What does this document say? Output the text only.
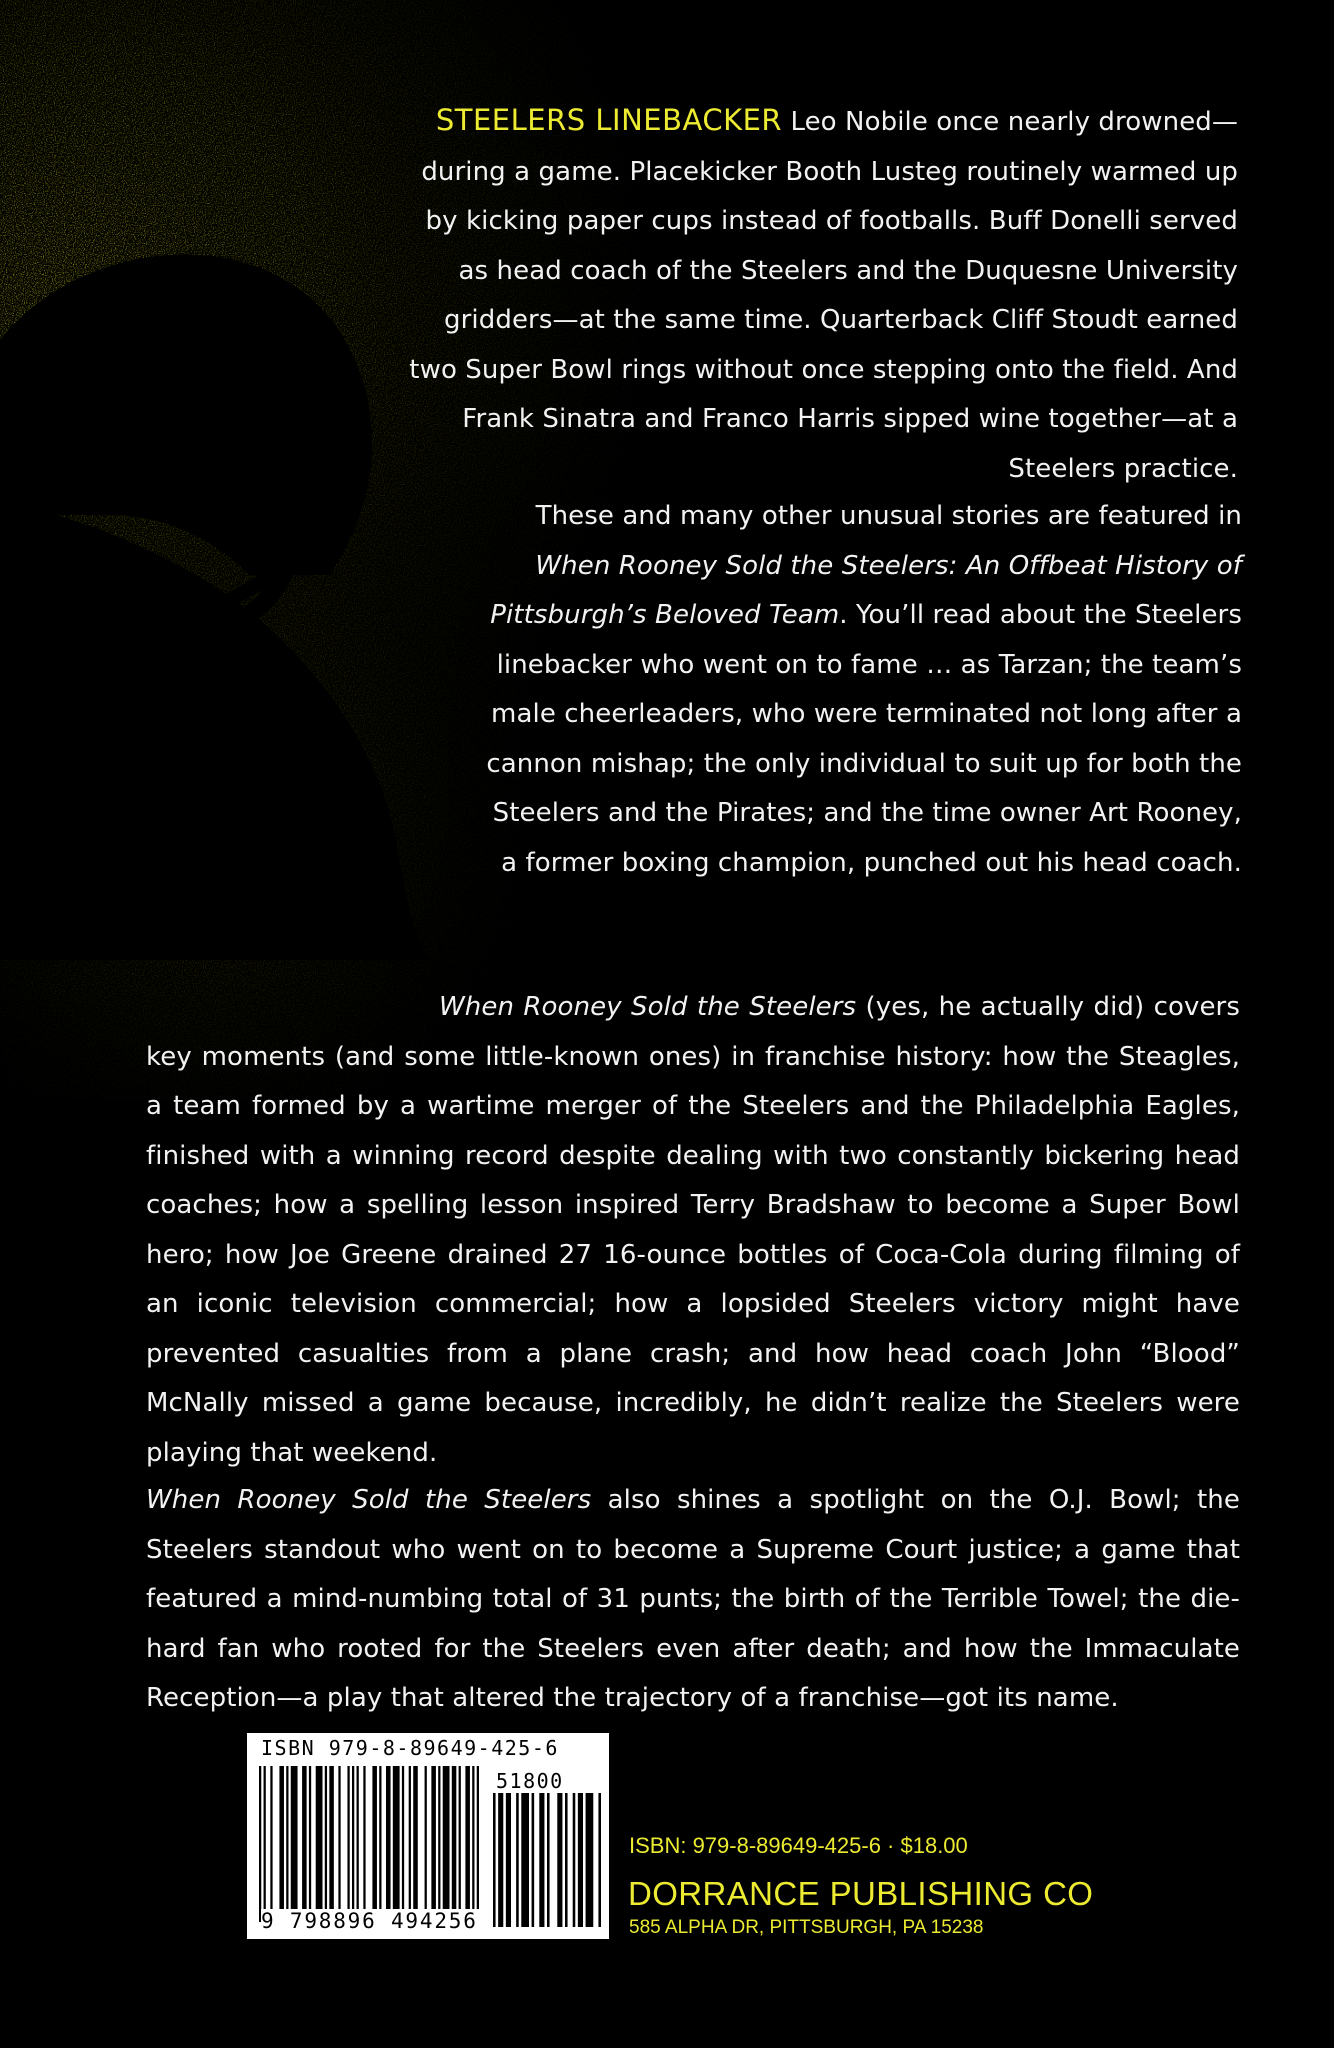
STEELERS LINEBACKER Leo Nobile once nearly drowned—during a game. Placekicker Booth Lusteg routinely warmed up by kicking paper cups instead of footballs. Buff Donelli served as head coach of the Steelers and the Duquesne University gridders—at the same time. Quarterback Cliff Stoudt earned two Super Bowl rings without once stepping onto the field. And Frank Sinatra and Franco Harris sipped wine together—at a Steelers practice.

These and many other unusual stories are featured in When Rooney Sold the Steelers: An Offbeat History of Pittsburgh’s Beloved Team. You’ll read about the Steelers linebacker who went on to fame … as Tarzan; the team’s male cheerleaders, who were terminated not long after a cannon mishap; the only individual to suit up for both the Steelers and the Pirates; and the time owner Art Rooney, a former boxing champion, punched out his head coach.

When Rooney Sold the Steelers (yes, he actually did) covers key moments (and some little-known ones) in franchise history: how the Steagles, a team formed by a wartime merger of the Steelers and the Philadelphia Eagles, finished with a winning record despite dealing with two constantly bickering head coaches; how a spelling lesson inspired Terry Bradshaw to become a Super Bowl hero; how Joe Greene drained 27 16-ounce bottles of Coca-Cola during filming of an iconic television commercial; how a lopsided Steelers victory might have prevented casualties from a plane crash; and how head coach John “Blood” McNally missed a game because, incredibly, he didn’t realize the Steelers were playing that weekend.

When Rooney Sold the Steelers also shines a spotlight on the O.J. Bowl; the Steelers standout who went on to become a Supreme Court justice; a game that featured a mind-numbing total of 31 punts; the birth of the Terrible Towel; the die-hard fan who rooted for the Steelers even after death; and how the Immaculate Reception—a play that altered the trajectory of a franchise—got its name.

ISBN 979-8-89649-425-6
51800
9 798896 494256
ISBN: 979-8-89649-425-6 · $18.00
DORRANCE PUBLISHING CO
585 ALPHA DR, PITTSBURGH, PA 15238
